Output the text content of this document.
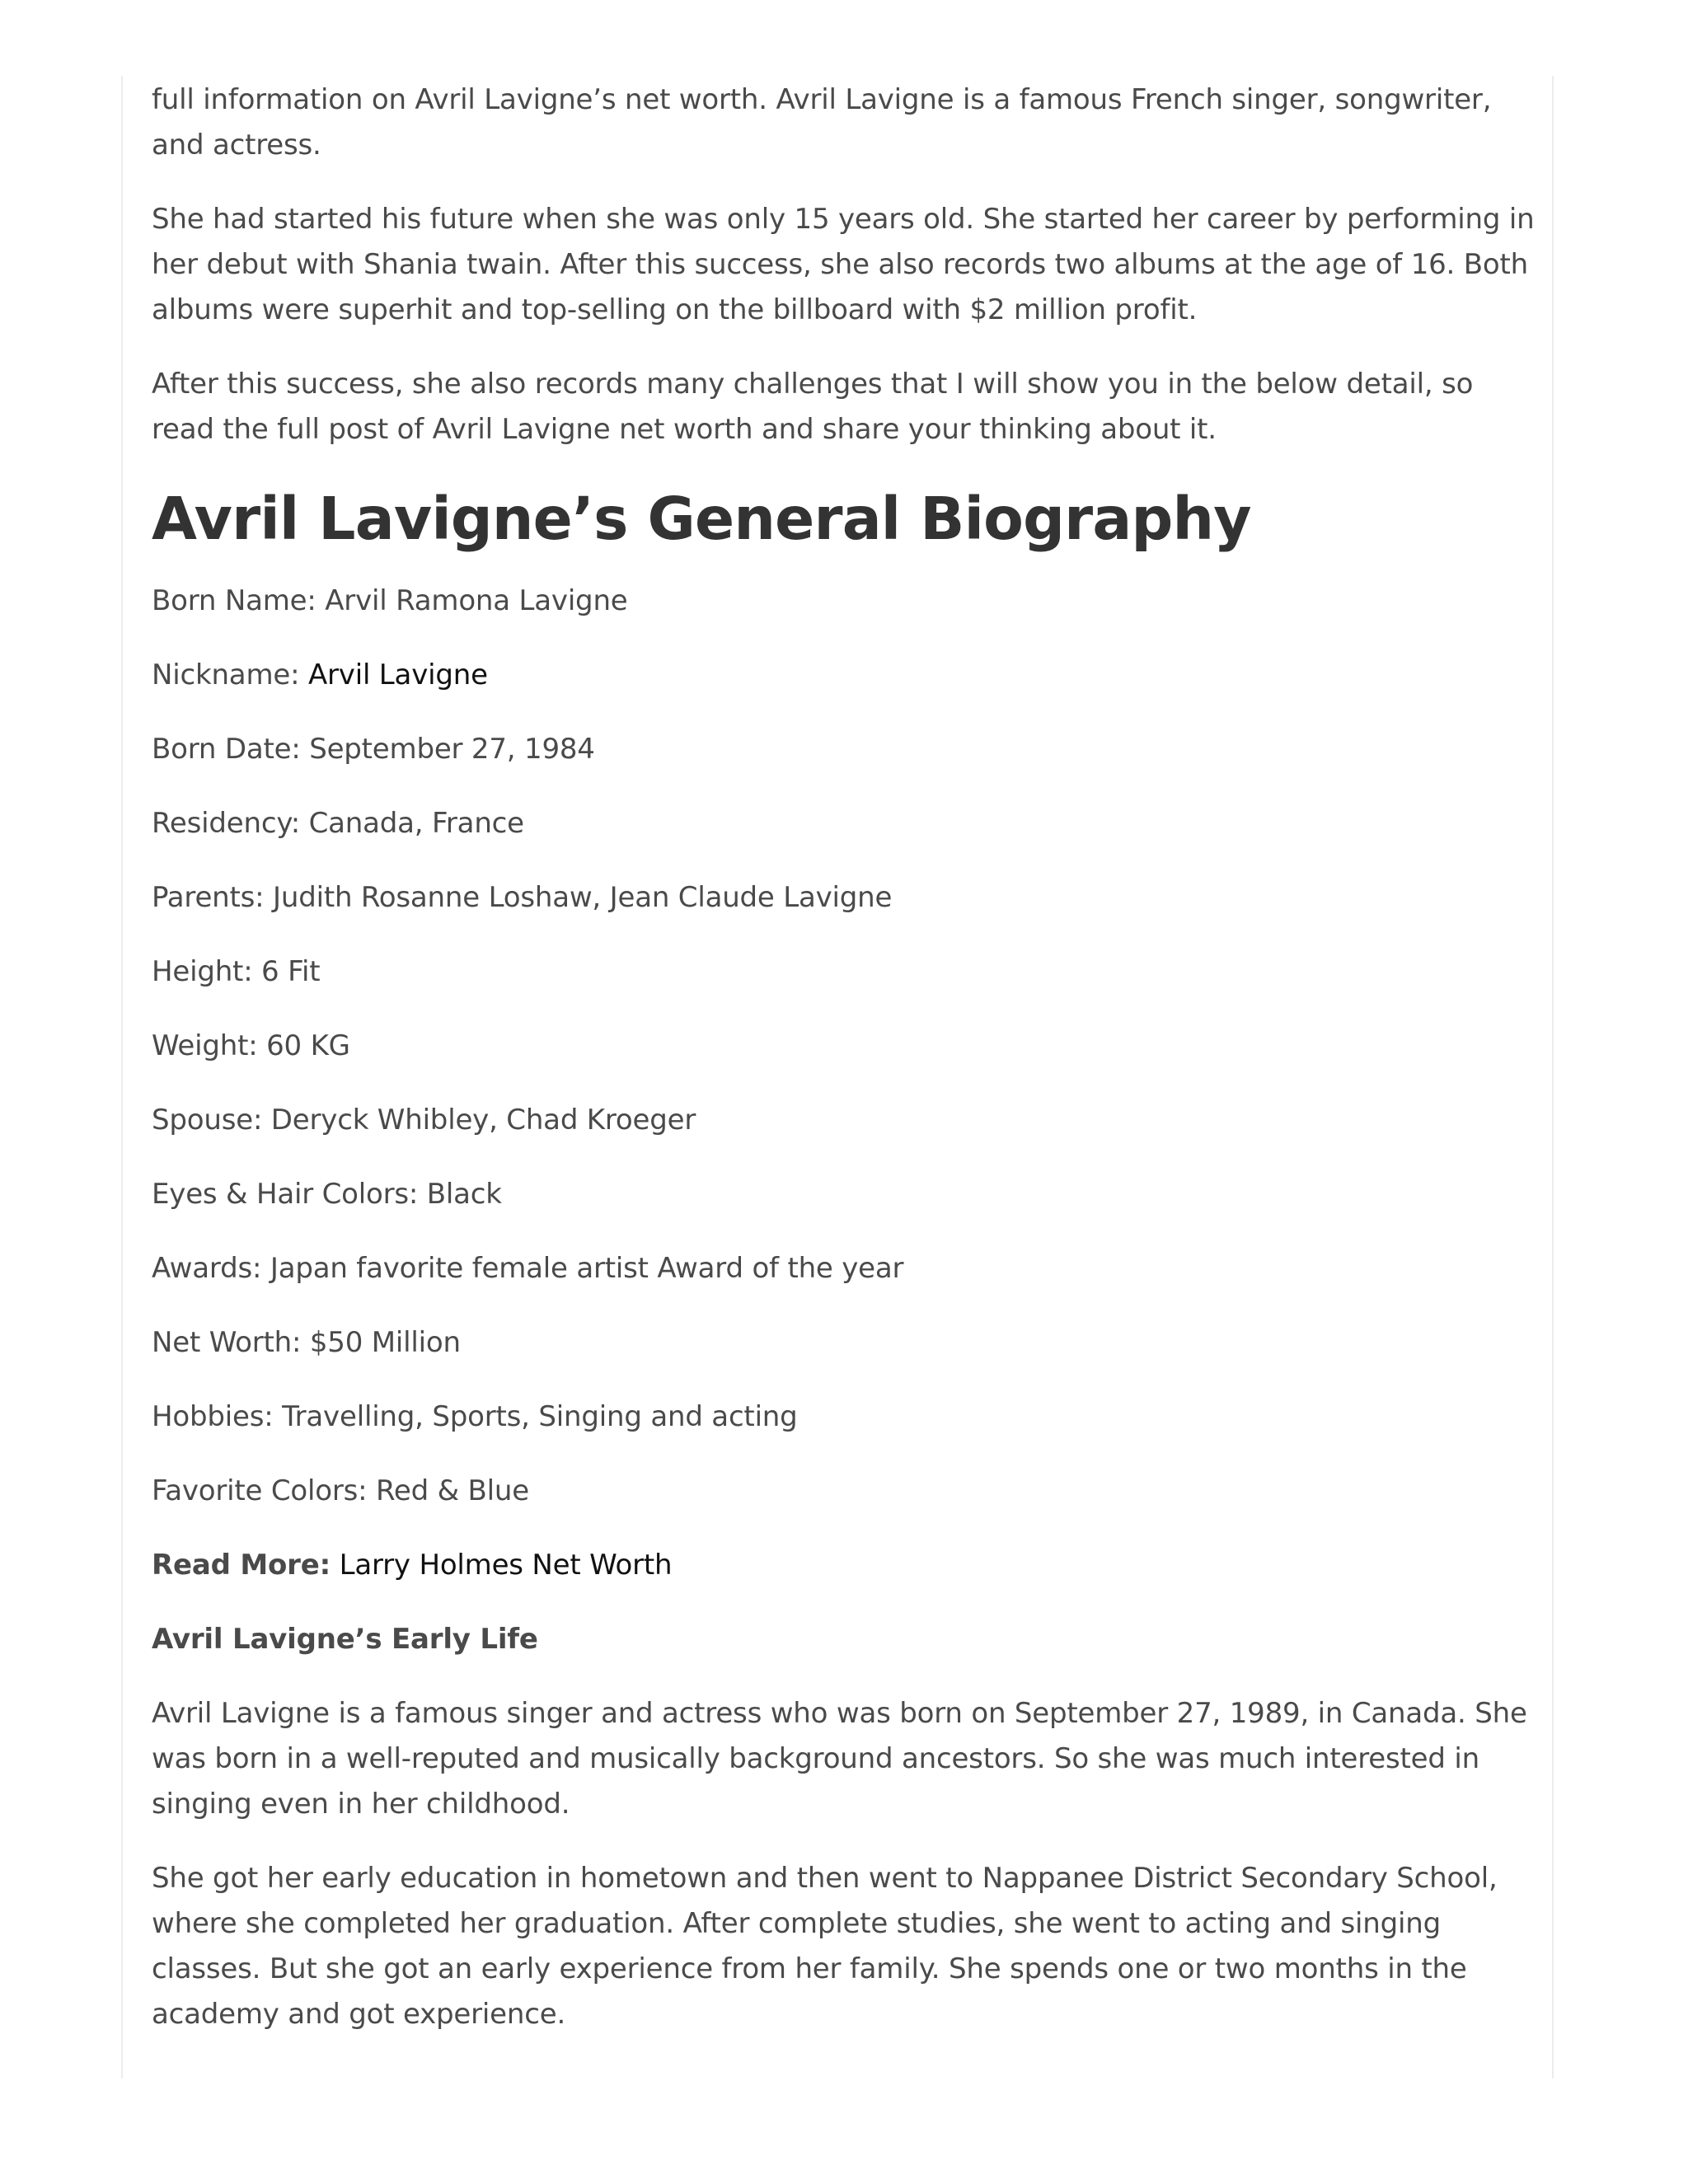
full information on Avril Lavigne’s net worth. Avril Lavigne is a famous French singer, songwriter, and actress.

She had started his future when she was only 15 years old. She started her career by performing in her debut with Shania twain. After this success, she also records two albums at the age of 16. Both albums were superhit and top-selling on the billboard with $2 million profit.

After this success, she also records many challenges that I will show you in the below detail, so read the full post of Avril Lavigne net worth and share your thinking about it.

Avril Lavigne’s General Biography

Born Name: Arvil Ramona Lavigne

Nickname: Arvil Lavigne

Born Date: September 27, 1984

Residency: Canada, France

Parents: Judith Rosanne Loshaw, Jean Claude Lavigne

Height: 6 Fit

Weight: 60 KG

Spouse: Deryck Whibley, Chad Kroeger

Eyes & Hair Colors: Black

Awards: Japan favorite female artist Award of the year

Net Worth: $50 Million

Hobbies: Travelling, Sports, Singing and acting

Favorite Colors: Red & Blue

Read More: Larry Holmes Net Worth

Avril Lavigne’s Early Life

Avril Lavigne is a famous singer and actress who was born on September 27, 1989, in Canada. She was born in a well-reputed and musically background ancestors. So she was much interested in singing even in her childhood.

She got her early education in hometown and then went to Nappanee District Secondary School, where she completed her graduation. After complete studies, she went to acting and singing classes. But she got an early experience from her family. She spends one or two months in the academy and got experience.
